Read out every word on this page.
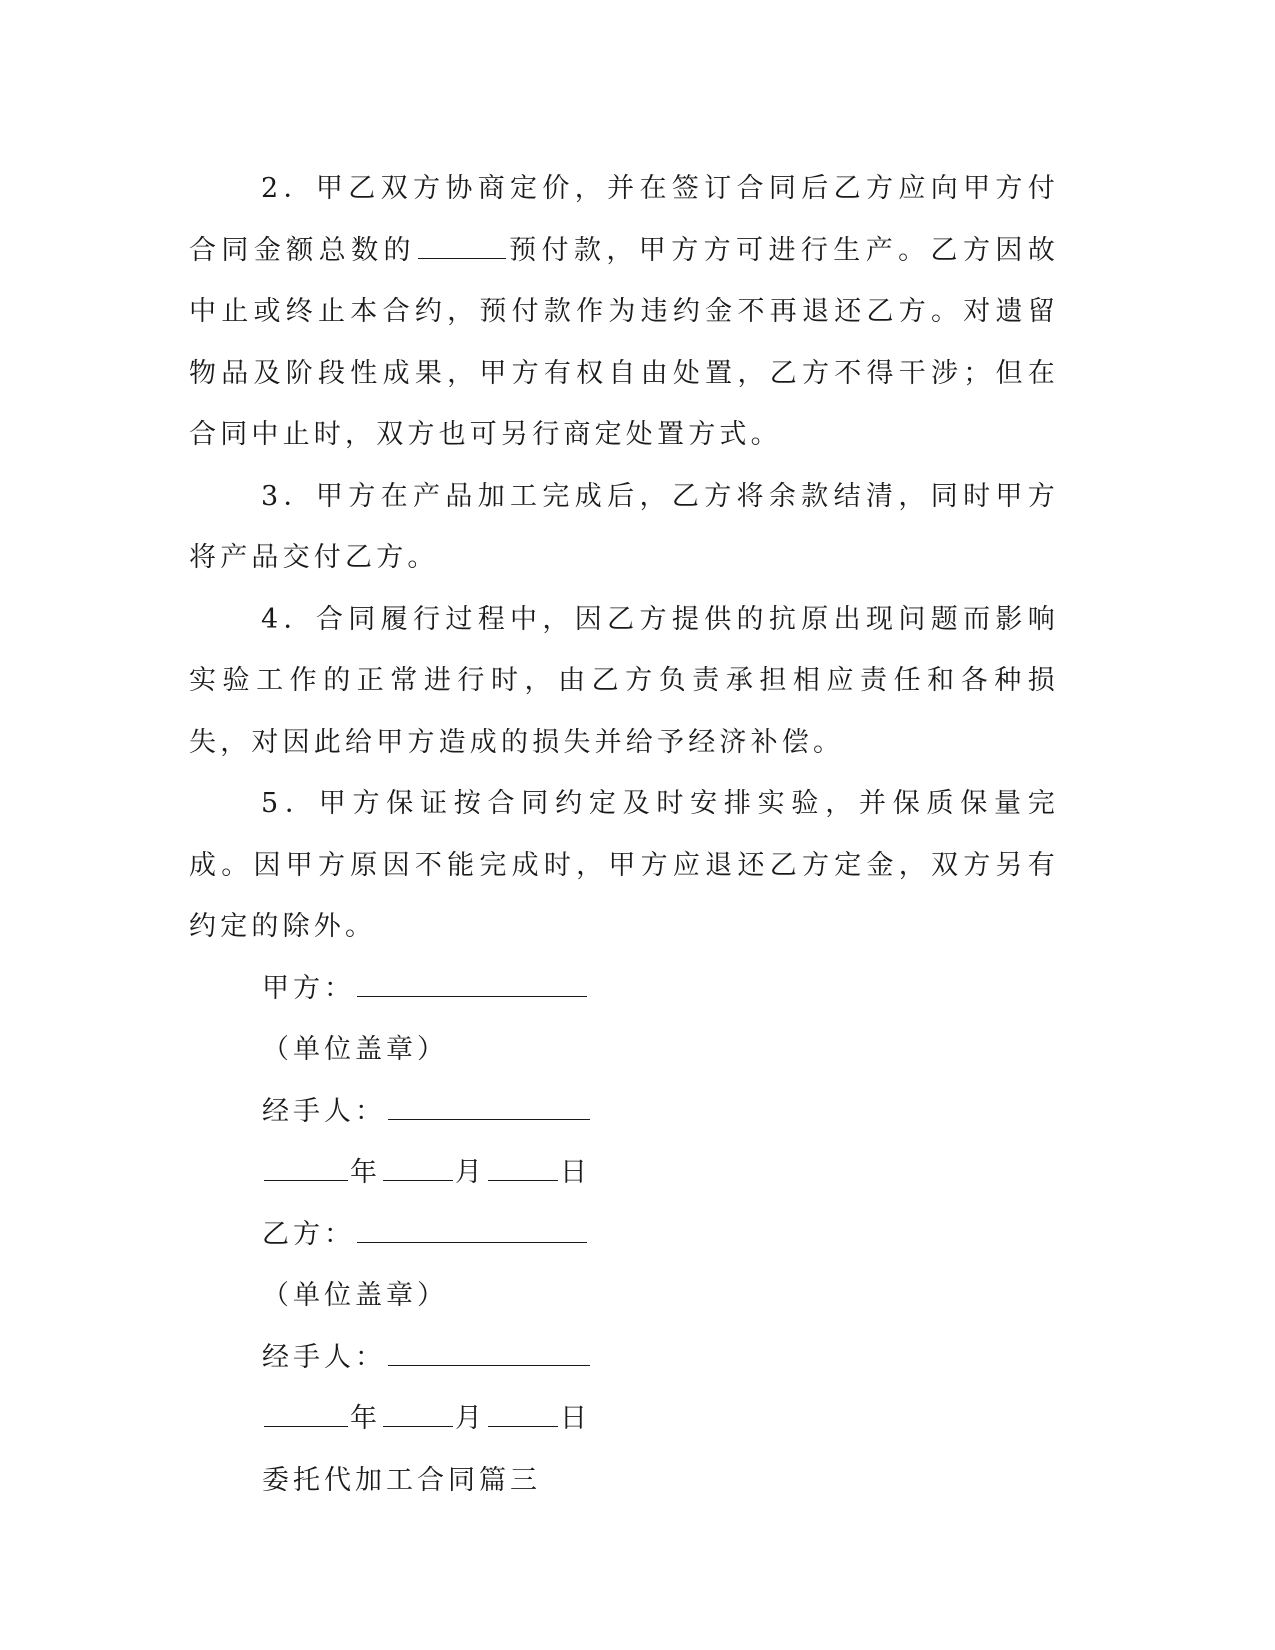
2．甲乙双方协商定价，并在签订合同后乙方应向甲方付合同金额总数的	预付款，甲方方可进行生产。乙方因故中止或终止本合约，预付款作为违约金不再退还乙方。对遗留物品及阶段性成果，甲方有权自由处置，乙方不得干涉；但在合同中止时，双方也可另行商定处置方式。

3．甲方在产品加工完成后，乙方将余款结清，同时甲方将产品交付乙方。

4．合同履行过程中，因乙方提供的抗原出现问题而影响实验工作的正常进行时，由乙方负责承担相应责任和各种损失，对因此给甲方造成的损失并给予经济补偿。

5．甲方保证按合同约定及时安排实验，并保质保量完成。因甲方原因不能完成时，甲方应退还乙方定金，双方另有约定的除外。

甲方：

（单位盖章）

经手人：

年	月	日

乙方：

（单位盖章）

经手人：

年	月	日

委托代加工合同篇三
